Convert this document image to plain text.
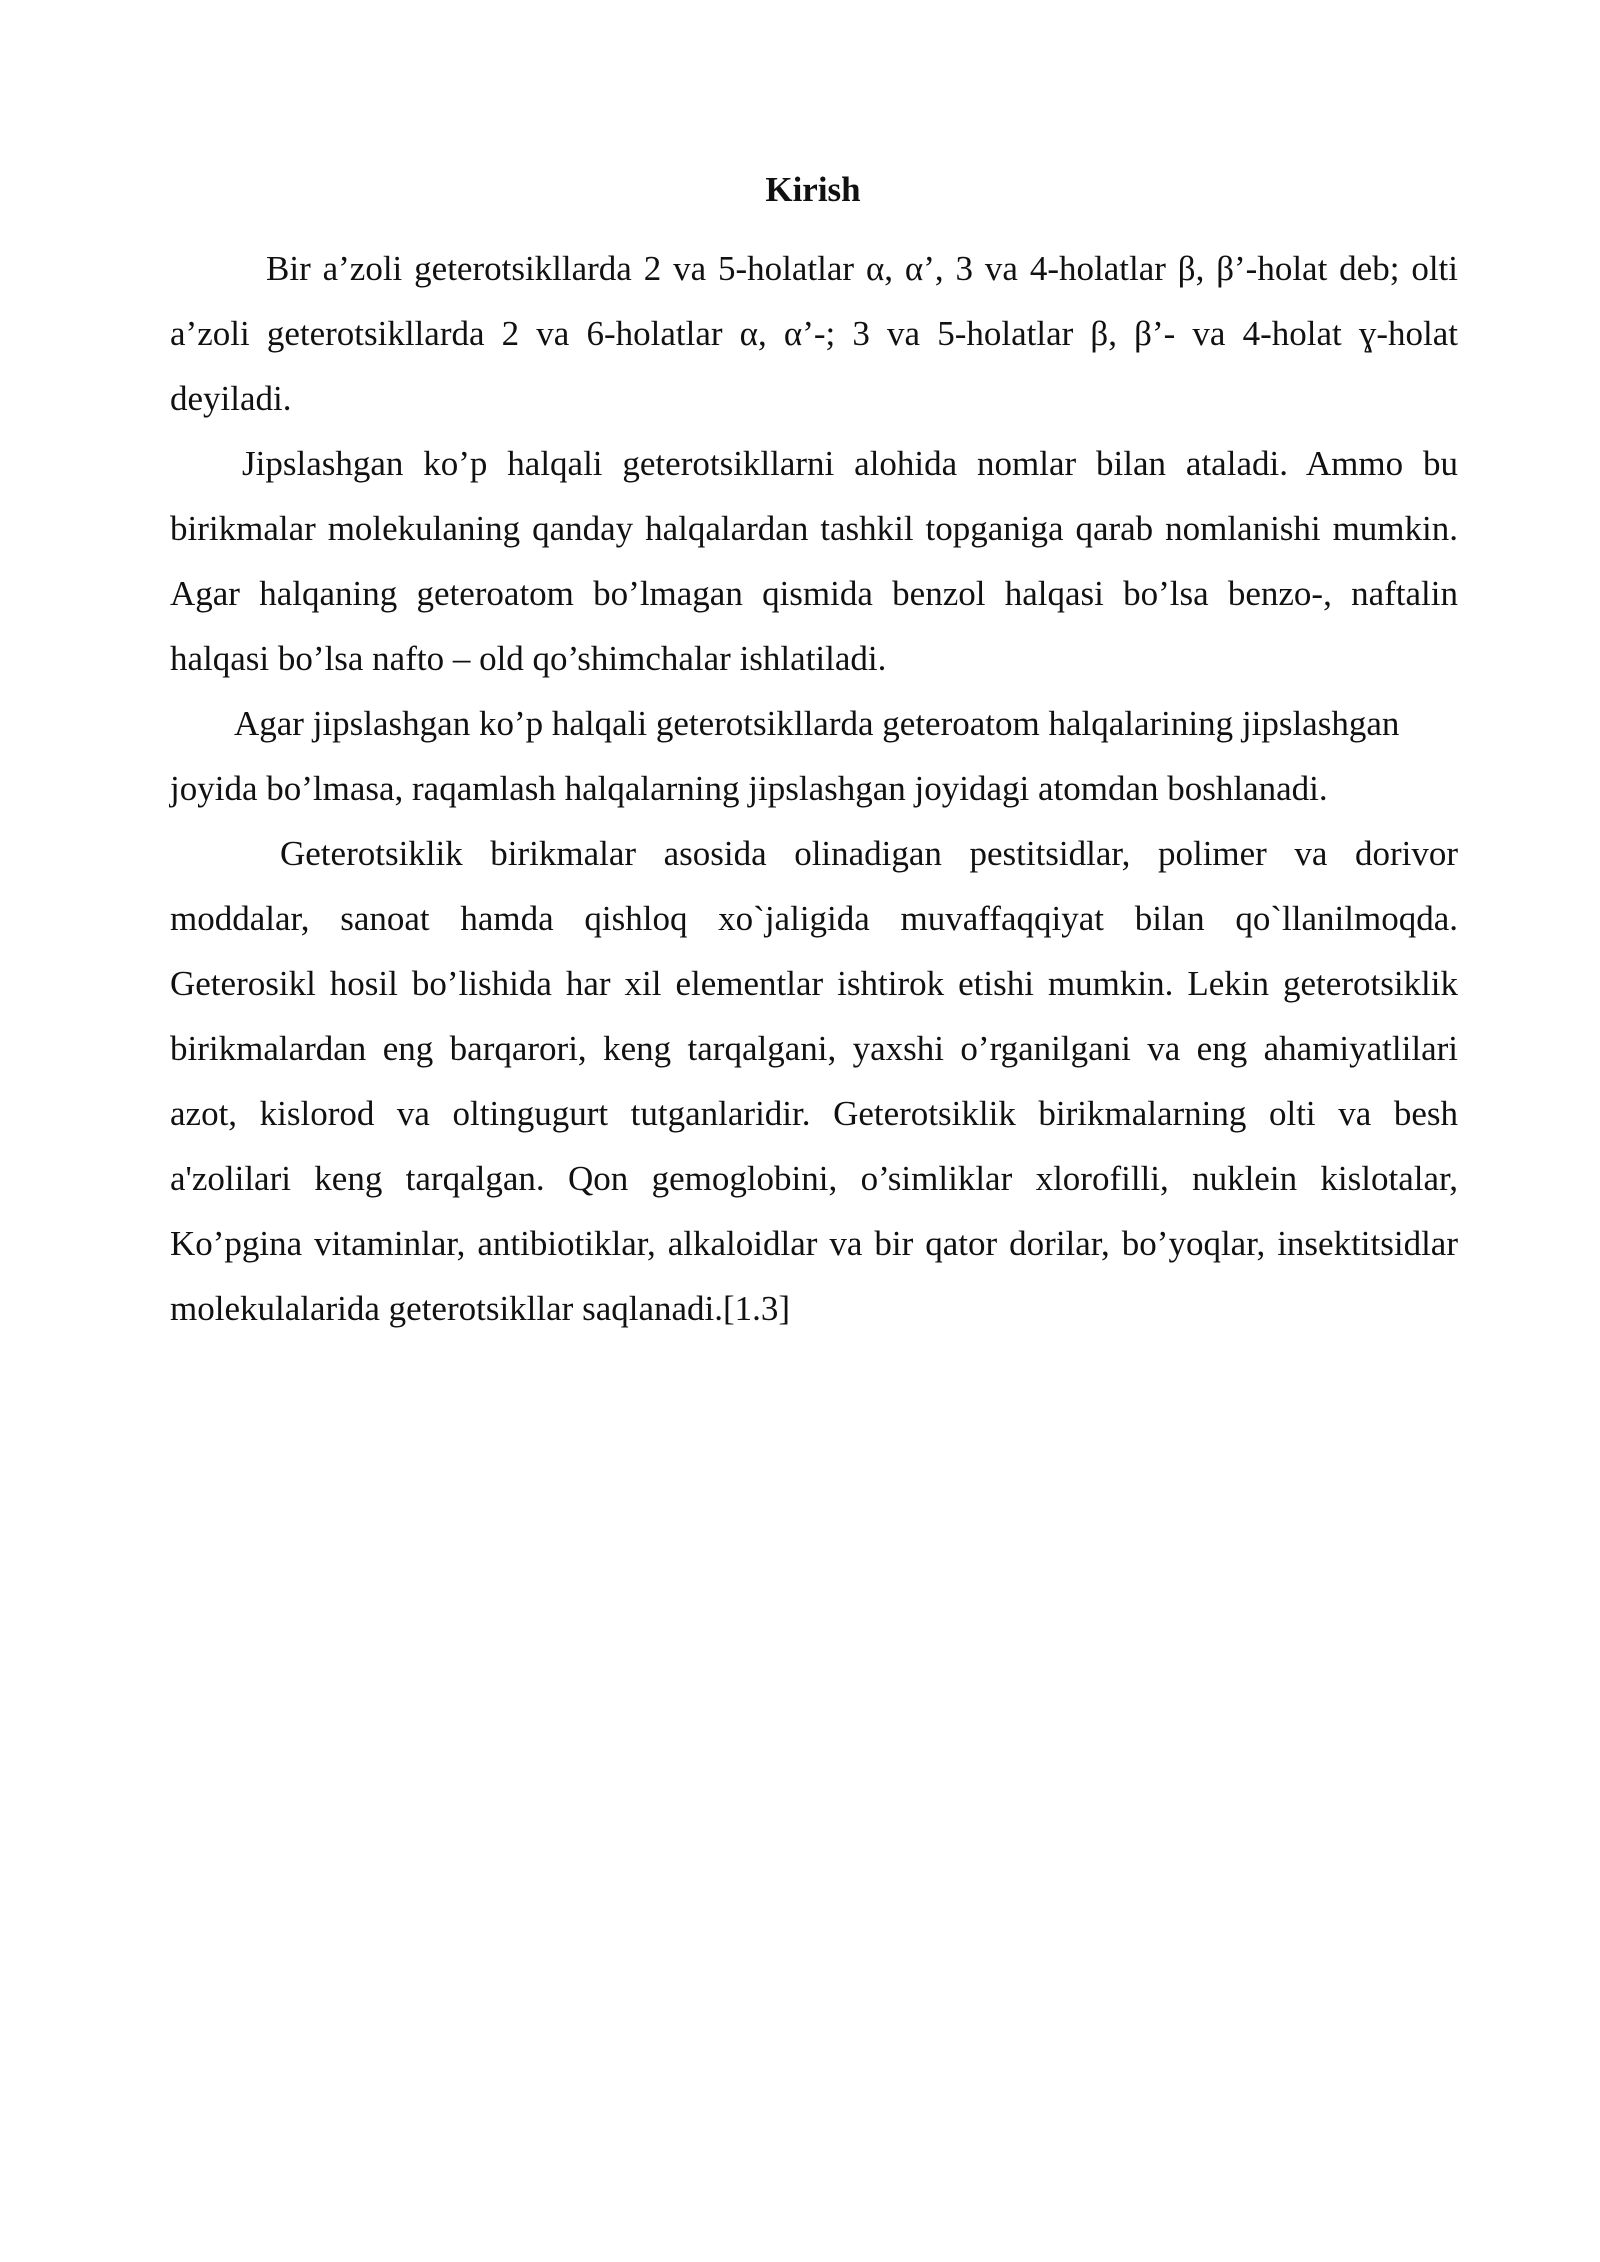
Kirish

Bir a’zoli geterotsikllarda 2 va 5-holatlar α, α’, 3 va 4-holatlar β, β’-holat deb; olti a’zoli geterotsikllarda 2 va 6-holatlar α, α’-; 3 va 5-holatlar β, β’- va 4-holat ɣ-holat deyiladi.

Jipslashgan ko’p halqali geterotsikllarni alohida nomlar bilan ataladi. Ammo bu birikmalar molekulaning qanday halqalardan tashkil topganiga qarab nomlanishi mumkin. Agar halqaning geteroatom bo’lmagan qismida benzol halqasi bo’lsa benzo-, naftalin halqasi bo’lsa nafto – old qo’shimchalar ishlatiladi.

Agar jipslashgan ko’p halqali geterotsikllarda geteroatom halqalarining jipslashgan joyida bo’lmasa, raqamlash halqalarning jipslashgan joyidagi atomdan boshlanadi.

Geterotsiklik birikmalar asosida olinadigan pestitsidlar, polimer va dorivor moddalar, sanoat hamda qishloq xo`jaligida muvaffaqqiyat bilan qo`llanilmoqda. Geterosikl hosil bo’lishida har xil elementlar ishtirok etishi mumkin. Lekin geterotsiklik birikmalardan eng barqarori, keng tarqalgani, yaxshi o’rganilgani va eng ahamiyatlilari azot, kislorod va oltingugurt tutganlaridir. Geterotsiklik birikmalarning olti va besh a'zolilari keng tarqalgan. Qon gemoglobini, o’simliklar xlorofilli, nuklein kislotalar, Ko’pgina vitaminlar, antibiotiklar, alkaloidlar va bir qator dorilar, bo’yoqlar, insektitsidlar molekulalarida geterotsikllar saqlanadi.[1.3]
